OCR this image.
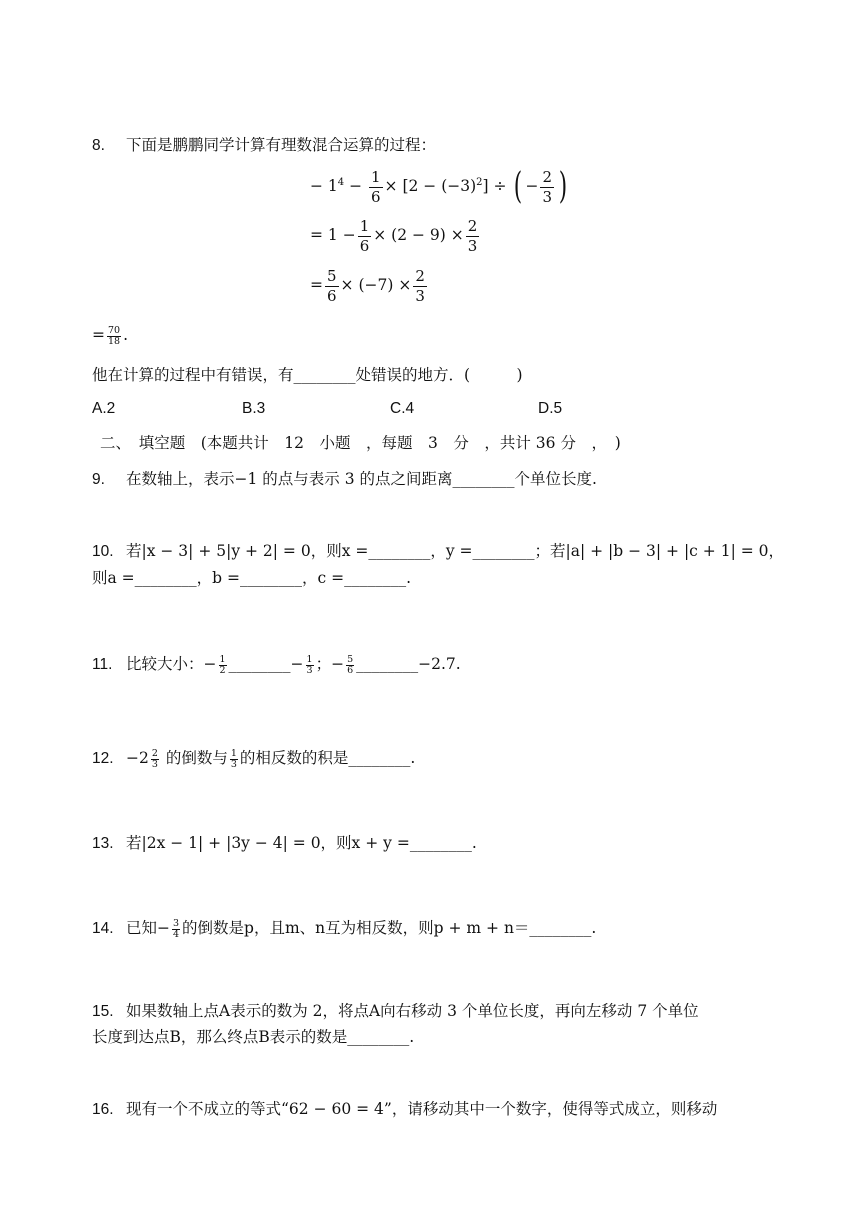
8. 下面是鹏鹏同学计算有理数混合运算的过程：
− $1^4 - \frac{1}{6} \times [2 - (-3)^2]$ ÷ ( − $\frac{2}{3}$ )
= $1 - \frac{1}{6} \times (2 - 9) \times \frac{2}{3}$
= $\frac{5}{6} \times (-7) \times \frac{2}{3}$
= $\frac{70}{18}$ .
他在计算的过程中有错误，有________处错误的地方．(　　　)
A.2	B.3	C.4	D.5
二、　填空题　(本题共计　12　小题　，每题　3　分　，共计 36 分　，　)
9. 在数轴上，表示−1 的点与表示 3 的点之间距离________个单位长度.
10. 若|x − 3| + 5|y + 2| = 0，则x =________，y =________；若|a| + |b − 3| + |c + 1| = 0，
则a =________，b =________，c =________.
11. 比较大小：− $\frac{1}{2}$ ________− $\frac{1}{3}$ ；− $\frac{5}{6}$ ________−2.7.
12. $-2 \frac{2}{3}$ 的倒数与 $\frac{1}{3}$ 的相反数的积是________.
13. 若|2x − 1| + |3y − 4| = 0，则x + y =________.
14. 已知− $\frac{3}{4}$ 的倒数是p，且m、n互为相反数，则p + m + n＝________.
15. 如果数轴上点A表示的数为 2，将点A向右移动 3 个单位长度，再向左移动 7 个单位
长度到达点B，那么终点B表示的数是________.
16. 现有一个不成立的等式“62 − 60 = 4”，请移动其中一个数字，使得等式成立，则移动
